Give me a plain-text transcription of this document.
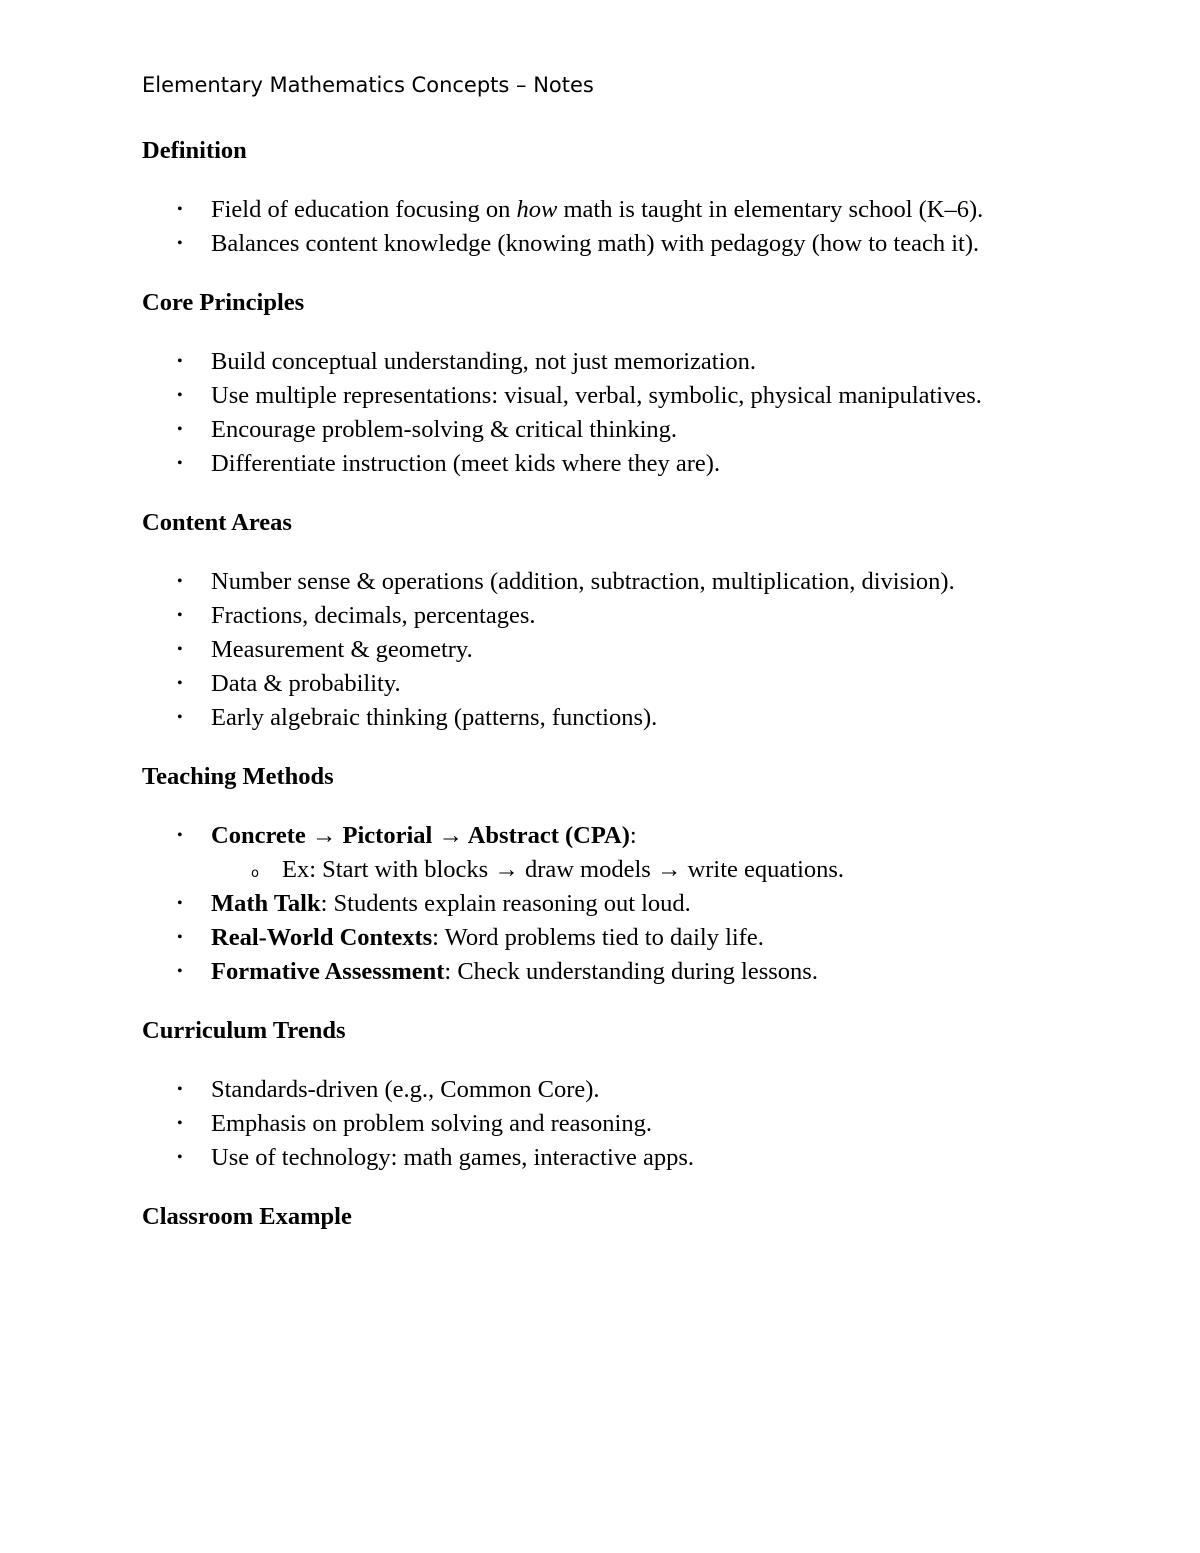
Elementary Mathematics Concepts – Notes
Definition
• Field of education focusing on how math is taught in elementary school (K–6).
• Balances content knowledge (knowing math) with pedagogy (how to teach it).
Core Principles
• Build conceptual understanding, not just memorization.
• Use multiple representations: visual, verbal, symbolic, physical manipulatives.
• Encourage problem-solving & critical thinking.
• Differentiate instruction (meet kids where they are).
Content Areas
• Number sense & operations (addition, subtraction, multiplication, division).
• Fractions, decimals, percentages.
• Measurement & geometry.
• Data & probability.
• Early algebraic thinking (patterns, functions).
Teaching Methods
• Concrete → Pictorial → Abstract (CPA):
o Ex: Start with blocks → draw models → write equations.
• Math Talk: Students explain reasoning out loud.
• Real-World Contexts: Word problems tied to daily life.
• Formative Assessment: Check understanding during lessons.
Curriculum Trends
• Standards-driven (e.g., Common Core).
• Emphasis on problem solving and reasoning.
• Use of technology: math games, interactive apps.
Classroom Example
